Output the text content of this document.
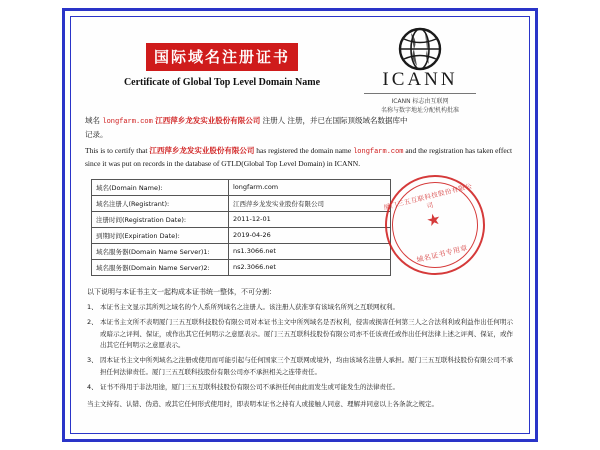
国际域名注册证书
Certificate of Global Top Level Domain Name	ICANN
ICANN 标志由互联网
名称与数字地址分配机构批准
域名 longfarm.com 江西萍乡龙发实业股份有限公司 注册人 注册，并已在国际顶级域名数据库中
记录。
This is to certify that 江西萍乡龙发实业股份有限公司 has registered the domain name longfarm.com and the registration has taken effect since it was put on records in the database of GTLD(Global Top Level Domain) in ICANN.
域名(Domain Name):	longfarm.com
域名注册人(Registrant):	江西萍乡龙发实业股份有限公司
注册时间(Registration Date):	2011-12-01
到期时间(Expiration Date):	2019-04-26
域名服务器(Domain Name Server)1:	ns1.3066.net
域名服务器(Domain Name Server)2:	ns2.3066.net
厦门三五互联科技股份有限公司
★
域名证书专用章
以下说明与本证书主文一起构成本证书统一整体，不可分割：
1、 本证书主文显示其所列之域名的个人系所列域名之注册人。该注册人获准享有该域名所列之互联网权利。
2、 本证书主文所不表明厦门三五互联科技股份有限公司对本证书主文中所列域名是否权利，侵害或损害任何第三人之合法利利或利益作出任何明示或暗示之评判、保证，或作出其它任何明示之意愿表示。厦门三五互联科技股份有限公司亦不任该责任或作出任何法律上述之评判、保证，或作出其它任何明示之意愿表示。
3、 因本证书主文中所列域名之注册或使用而可能引起与任何国家三个互联网或境外，均由该域名注册人承担。厦门三五互联科技股份有限公司不承担任何法律责任。厦门三五互联科技股份有限公司亦不承担相关之连带责任。
4、 证书不得用于非法用途，厦门三五互联科技股份有限公司不承担任何由此而发生或可能发生的法律责任。
当主文持有、认错、伪造、或其它任何形式使用时，即表明本证书之持有人或接触人同意、理解并同意以上各条款之规定。
